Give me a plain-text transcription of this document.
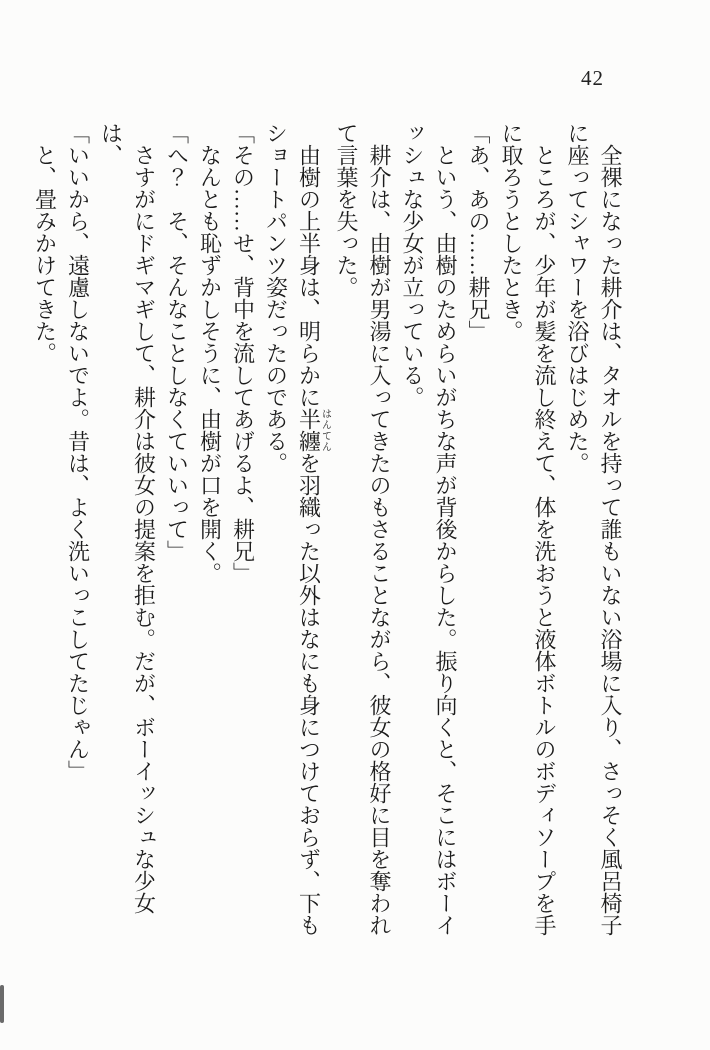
42

全裸になった耕介は、タオルを持って誰もいない浴場に入り、さっそく風呂椅子に座ってシャワーを浴びはじめた。

ところが、少年が髪を流し終えて、体を洗おうと液体ボトルのボディソープを手に取ろうとしたとき。

「あ、あの……耕兄」

という、由樹のためらいがちな声が背後からした。振り向くと、そこにはボーイッシュな少女が立っている。

耕介は、由樹が男湯に入ってきたのもさることながら、彼女の格好に目を奪われて言葉を失った。

由樹の上半身は、明らかに半纏はんてんを羽織った以外はなにも身につけておらず、下もショートパンツ姿だったのである。

「その……せ、背中を流してあげるよ、耕兄」

なんとも恥ずかしそうに、由樹が口を開く。

「へ？　そ、そんなことしなくていいって」

さすがにドギマギして、耕介は彼女の提案を拒む。だが、ボーイッシュな少女は、

「いいから、遠慮しないでよ。昔は、よく洗いっこしてたじゃん」

と、畳みかけてきた。
